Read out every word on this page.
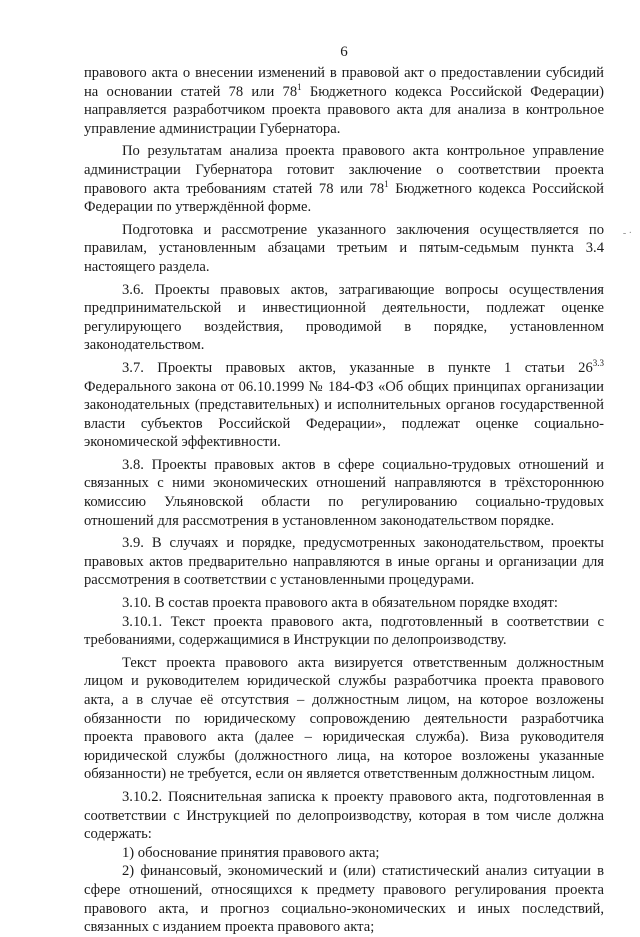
6

правового акта о внесении изменений в правовой акт о предоставлении субсидий на основании статей 78 или $78^1$ Бюджетного кодекса Российской Федерации) направляется разработчиком проекта правового акта для анализа в контрольное управление администрации Губернатора.

По результатам анализа проекта правового акта контрольное управление администрации Губернатора готовит заключение о соответствии проекта правового акта требованиям статей 78 или $78^1$ Бюджетного кодекса Российской Федерации по утверждённой форме.

Подготовка и рассмотрение указанного заключения осуществляется по правилам, установленным абзацами третьим и пятым-седьмым пункта 3.4 настоящего раздела.

3.6. Проекты правовых актов, затрагивающие вопросы осуществления предпринимательской и инвестиционной деятельности, подлежат оценке регулирующего воздействия, проводимой в порядке, установленном законодательством.

3.7. Проекты правовых актов, указанные в пункте 1 статьи $26^{3.3}$ Федерального закона от 06.10.1999 № 184-ФЗ «Об общих принципах организации законодательных (представительных) и исполнительных органов государственной власти субъектов Российской Федерации», подлежат оценке социально-экономической эффективности.

3.8. Проекты правовых актов в сфере социально-трудовых отношений и связанных с ними экономических отношений направляются в трёхстороннюю комиссию Ульяновской области по регулированию социально-трудовых отношений для рассмотрения в установленном законодательством порядке.

3.9. В случаях и порядке, предусмотренных законодательством, проекты правовых актов предварительно направляются в иные органы и организации для рассмотрения в соответствии с установленными процедурами.

3.10. В состав проекта правового акта в обязательном порядке входят:

3.10.1. Текст проекта правового акта, подготовленный в соответствии с требованиями, содержащимися в Инструкции по делопроизводству.

Текст проекта правового акта визируется ответственным должностным лицом и руководителем юридической службы разработчика проекта правового акта, а в случае её отсутствия – должностным лицом, на которое возложены обязанности по юридическому сопровождению деятельности разработчика проекта правового акта (далее – юридическая служба). Виза руководителя юридической службы (должностного лица, на которое возложены указанные обязанности) не требуется, если он является ответственным должностным лицом.

3.10.2. Пояснительная записка к проекту правового акта, подготовленная в соответствии с Инструкцией по делопроизводству, которая в том числе должна содержать:

1) обоснование принятия правового акта;

2) финансовый, экономический и (или) статистический анализ ситуации в сфере отношений, относящихся к предмету правового регулирования проекта правового акта, и прогноз социально-экономических и иных последствий, связанных с изданием проекта правового акта;

- ·
